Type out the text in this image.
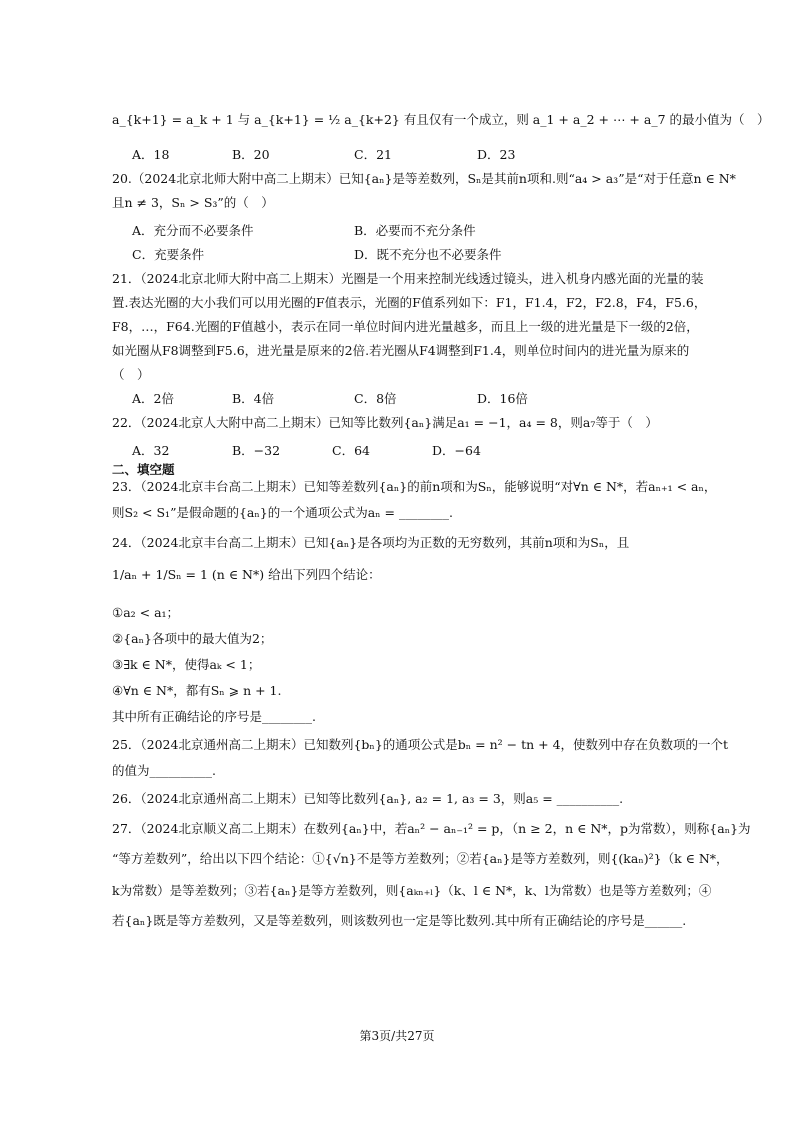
a_{k+1} = a_k + 1 与 a_{k+1} = ½ a_{k+2} 有且仅有一个成立，则 a_1 + a_2 + ⋯ + a_7 的最小值为（　）
A．18	B．20	C．21	D．23
20.（2024北京北师大附中高二上期末）已知{aₙ}是等差数列，Sₙ是其前n项和.则“a₄ > a₃”是“对于任意n ∈ N*
且n ≠ 3，Sₙ > S₃”的（　）
A．充分而不必要条件	B．必要而不充分条件
C．充要条件	D．既不充分也不必要条件
21．（2024北京北师大附中高二上期末）光圈是一个用来控制光线透过镜头，进入机身内感光面的光量的装
置.表达光圈的大小我们可以用光圈的F值表示，光圈的F值系列如下：F1，F1.4，F2，F2.8，F4，F5.6，
F8，…，F64.光圈的F值越小，表示在同一单位时间内进光量越多，而且上一级的进光量是下一级的2倍，
如光圈从F8调整到F5.6，进光量是原来的2倍.若光圈从F4调整到F1.4，则单位时间内的进光量为原来的
（　）
A．2倍	B．4倍	C．8倍	D．16倍
22．（2024北京人大附中高二上期末）已知等比数列{aₙ}满足a₁ = −1，a₄ = 8，则a₇等于（　）
A．32	B．−32	C．64	D．−64
二、填空题
23．（2024北京丰台高二上期末）已知等差数列{aₙ}的前n项和为Sₙ，能够说明“对∀n ∈ N*，若aₙ₊₁ < aₙ，
则S₂ < S₁”是假命题的{aₙ}的一个通项公式为aₙ = ________.
24．（2024北京丰台高二上期末）已知{aₙ}是各项均为正数的无穷数列，其前n项和为Sₙ，且
1/aₙ + 1/Sₙ = 1 (n ∈ N*) 给出下列四个结论：
①a₂ < a₁；
②{aₙ}各项中的最大值为2；
③∃k ∈ N*，使得aₖ < 1；
④∀n ∈ N*，都有Sₙ ⩾ n + 1.
其中所有正确结论的序号是________.
25．（2024北京通州高二上期末）已知数列{bₙ}的通项公式是bₙ = n² − tn + 4，使数列中存在负数项的一个t
的值为__________.
26．（2024北京通州高二上期末）已知等比数列{aₙ}, a₂ = 1, a₃ = 3，则a₅ = __________.
27．（2024北京顺义高二上期末）在数列{aₙ}中，若aₙ² − aₙ₋₁² = p，（n ≥ 2，n ∈ N*，p为常数），则称{aₙ}为
“等方差数列”，给出以下四个结论：①{√n}不是等方差数列；②若{aₙ}是等方差数列，则{(kaₙ)²}（k ∈ N*，
k为常数）是等差数列；③若{aₙ}是等方差数列，则{aₖₙ₊ₗ}（k、l ∈ N*，k、l为常数）也是等方差数列；④
若{aₙ}既是等方差数列，又是等差数列，则该数列也一定是等比数列.其中所有正确结论的序号是______.
第3页/共27页
